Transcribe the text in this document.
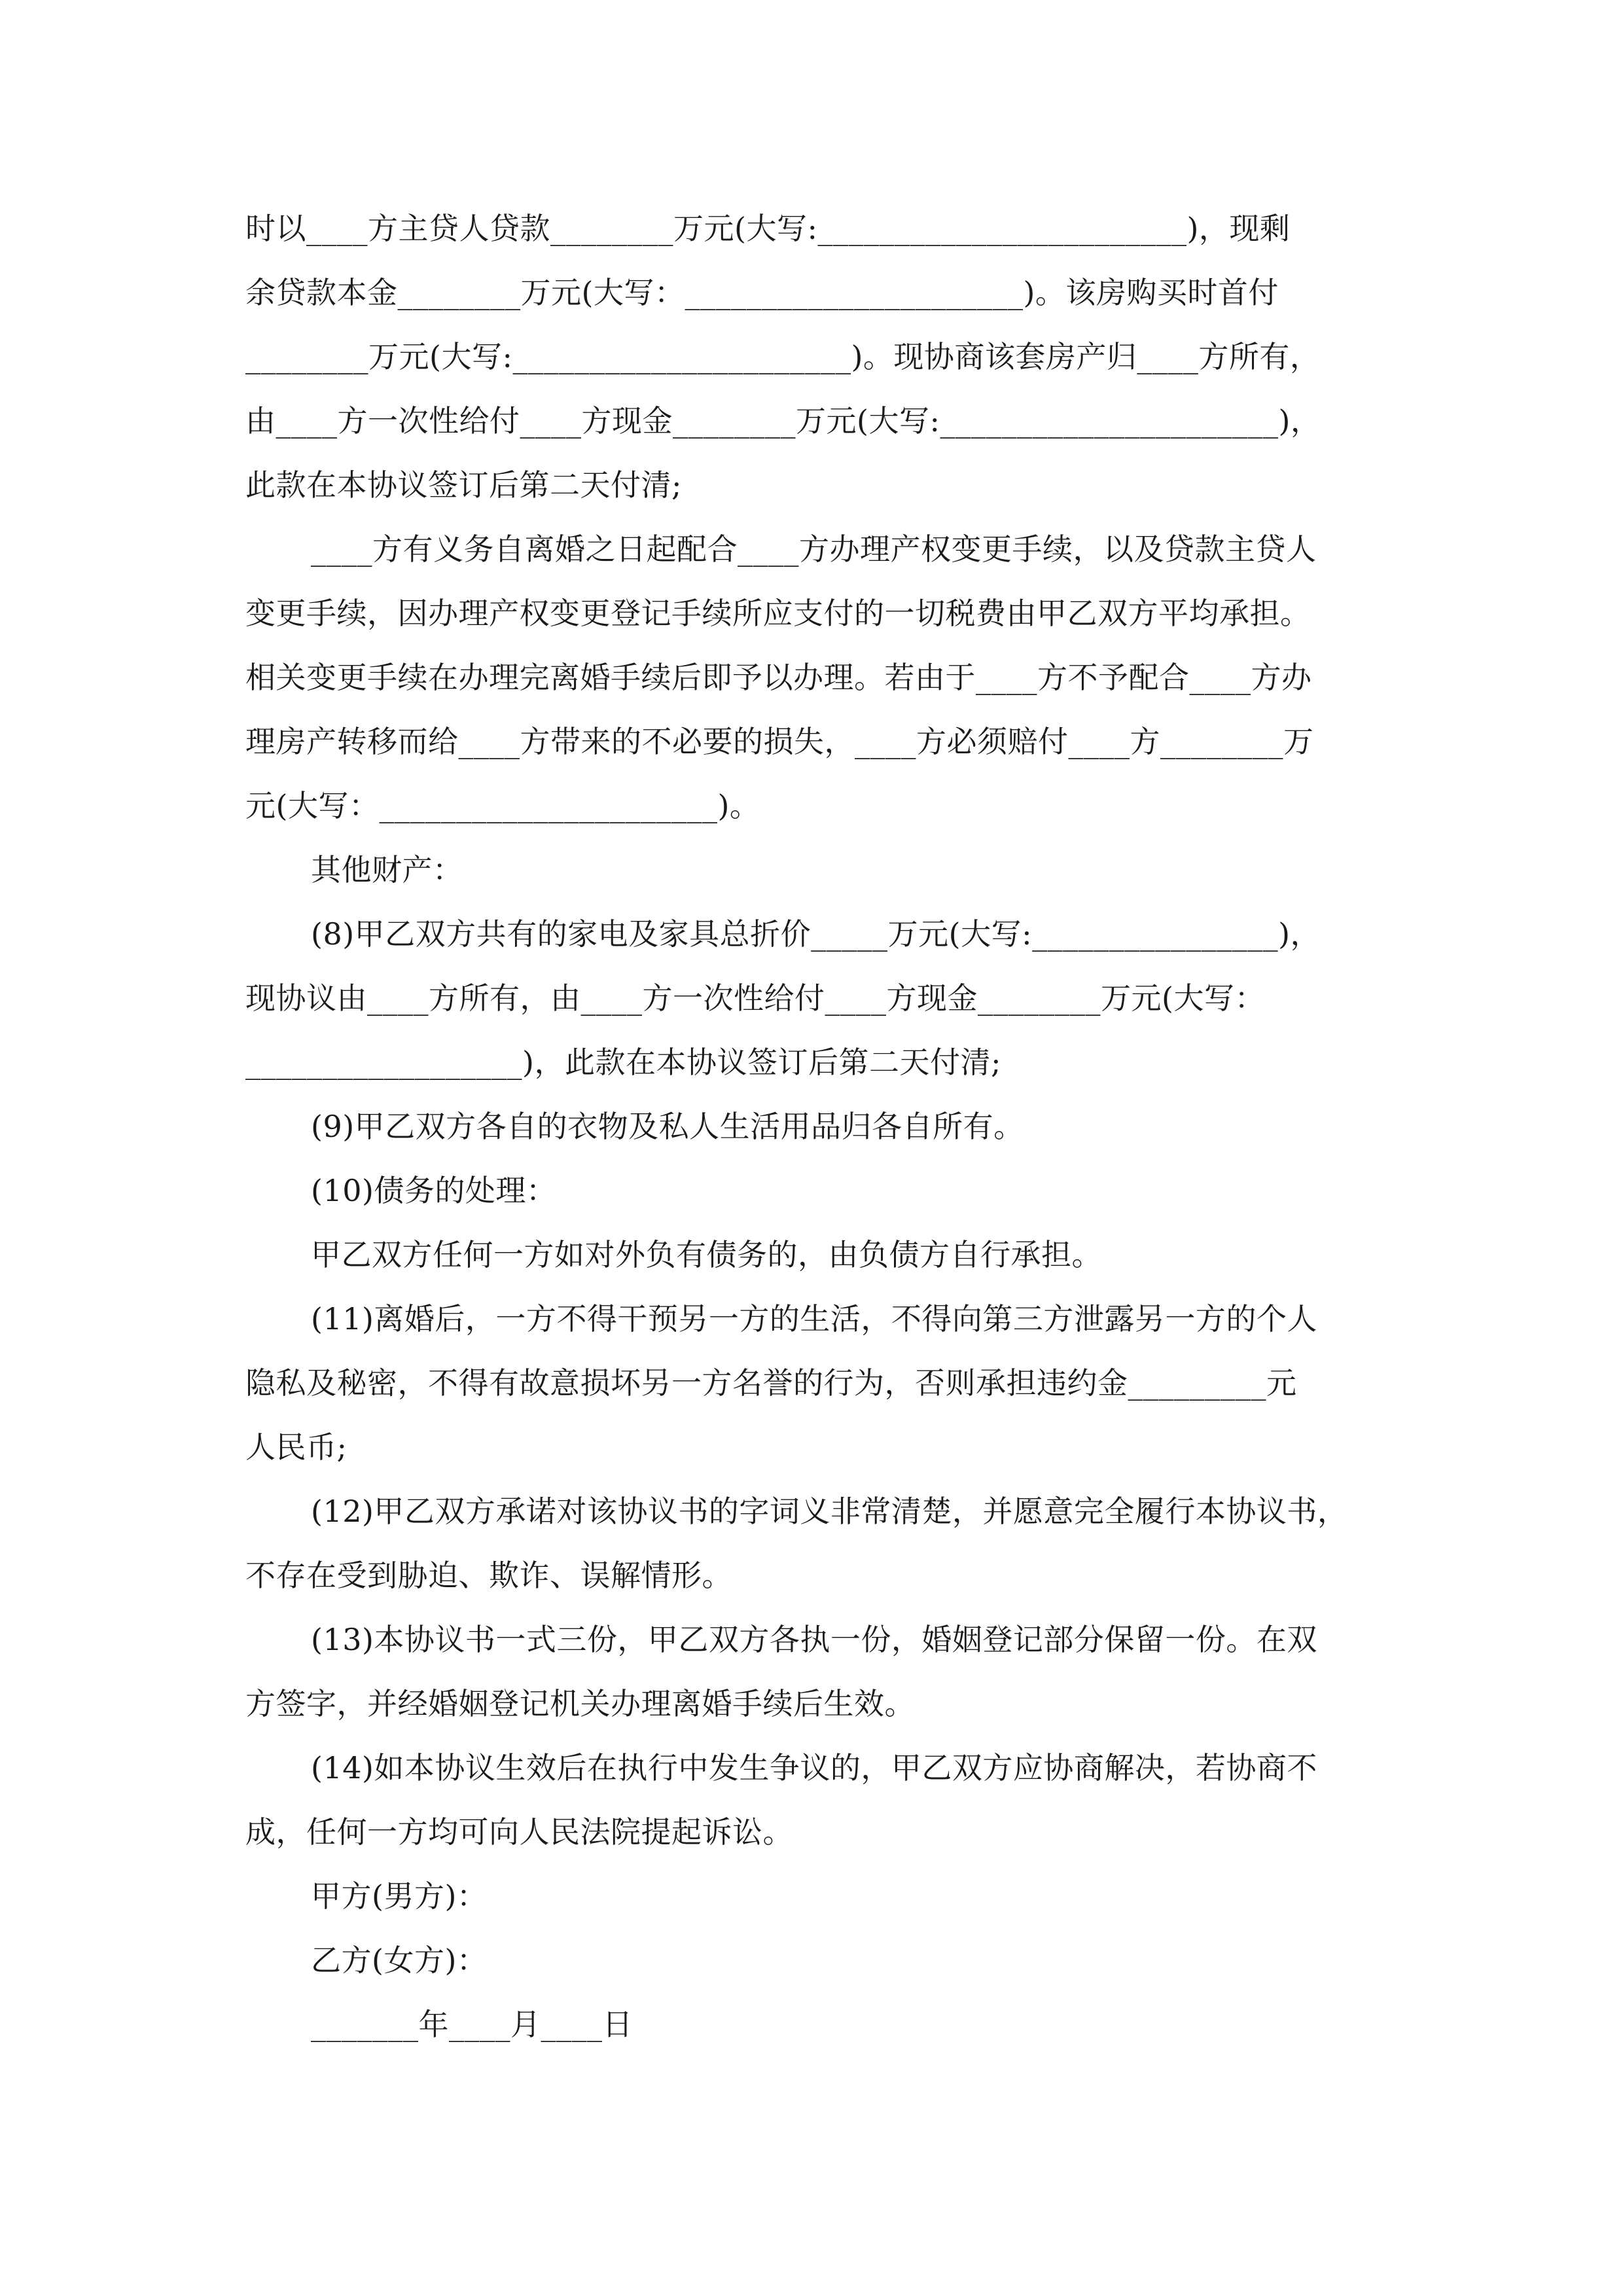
时以____方主贷人贷款________万元(大写:________________________)，现剩
余贷款本金________万元(大写：______________________)。该房购买时首付
________万元(大写:______________________)。现协商该套房产归____方所有，
由____方一次性给付____方现金________万元(大写:______________________)，
此款在本协议签订后第二天付清;
____方有义务自离婚之日起配合____方办理产权变更手续，以及贷款主贷人
变更手续，因办理产权变更登记手续所应支付的一切税费由甲乙双方平均承担。
相关变更手续在办理完离婚手续后即予以办理。若由于____方不予配合____方办
理房产转移而给____方带来的不必要的损失，____方必须赔付____方________万
元(大写：______________________)。
其他财产：
(8)甲乙双方共有的家电及家具总折价_____万元(大写:________________)，
现协议由____方所有，由____方一次性给付____方现金________万元(大写：
__________________)，此款在本协议签订后第二天付清;
(9)甲乙双方各自的衣物及私人生活用品归各自所有。
(10)债务的处理：
甲乙双方任何一方如对外负有债务的，由负债方自行承担。
(11)离婚后，一方不得干预另一方的生活，不得向第三方泄露另一方的个人
隐私及秘密，不得有故意损坏另一方名誉的行为，否则承担违约金_________元
人民币;
(12)甲乙双方承诺对该协议书的字词义非常清楚，并愿意完全履行本协议书，
不存在受到胁迫、欺诈、误解情形。
(13)本协议书一式三份，甲乙双方各执一份，婚姻登记部分保留一份。在双
方签字，并经婚姻登记机关办理离婚手续后生效。
(14)如本协议生效后在执行中发生争议的，甲乙双方应协商解决，若协商不
成，任何一方均可向人民法院提起诉讼。
甲方(男方)：
乙方(女方)：
_______年____月____日
